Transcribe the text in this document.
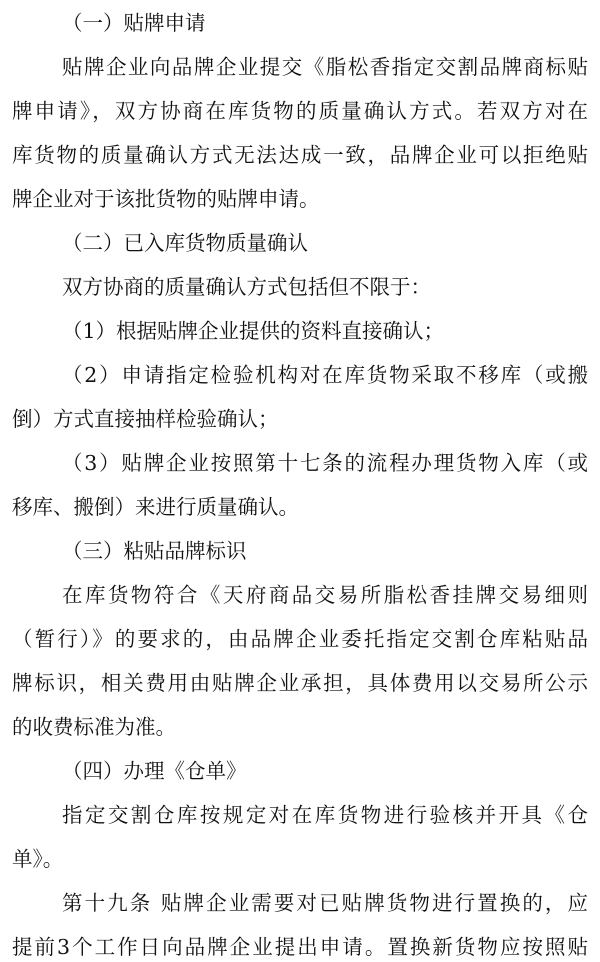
（一）贴牌申请
贴牌企业向品牌企业提交《脂松香指定交割品牌商标贴
牌申请》，双方协商在库货物的质量确认方式。若双方对在
库货物的质量确认方式无法达成一致，品牌企业可以拒绝贴
牌企业对于该批货物的贴牌申请。
（二）已入库货物质量确认
双方协商的质量确认方式包括但不限于：
（1）根据贴牌企业提供的资料直接确认；
（2）申请指定检验机构对在库货物采取不移库（或搬
倒）方式直接抽样检验确认；
（3）贴牌企业按照第十七条的流程办理货物入库（或
移库、搬倒）来进行质量确认。
（三）粘贴品牌标识
在库货物符合《天府商品交易所脂松香挂牌交易细则
（暂行）》的要求的，由品牌企业委托指定交割仓库粘贴品
牌标识，相关费用由贴牌企业承担，具体费用以交易所公示
的收费标准为准。
（四）办理《仓单》
指定交割仓库按规定对在库货物进行验核并开具《仓
单》。
第十九条 贴牌企业需要对已贴牌货物进行置换的，应
提前3个工作日向品牌企业提出申请。置换新货物应按照贴
